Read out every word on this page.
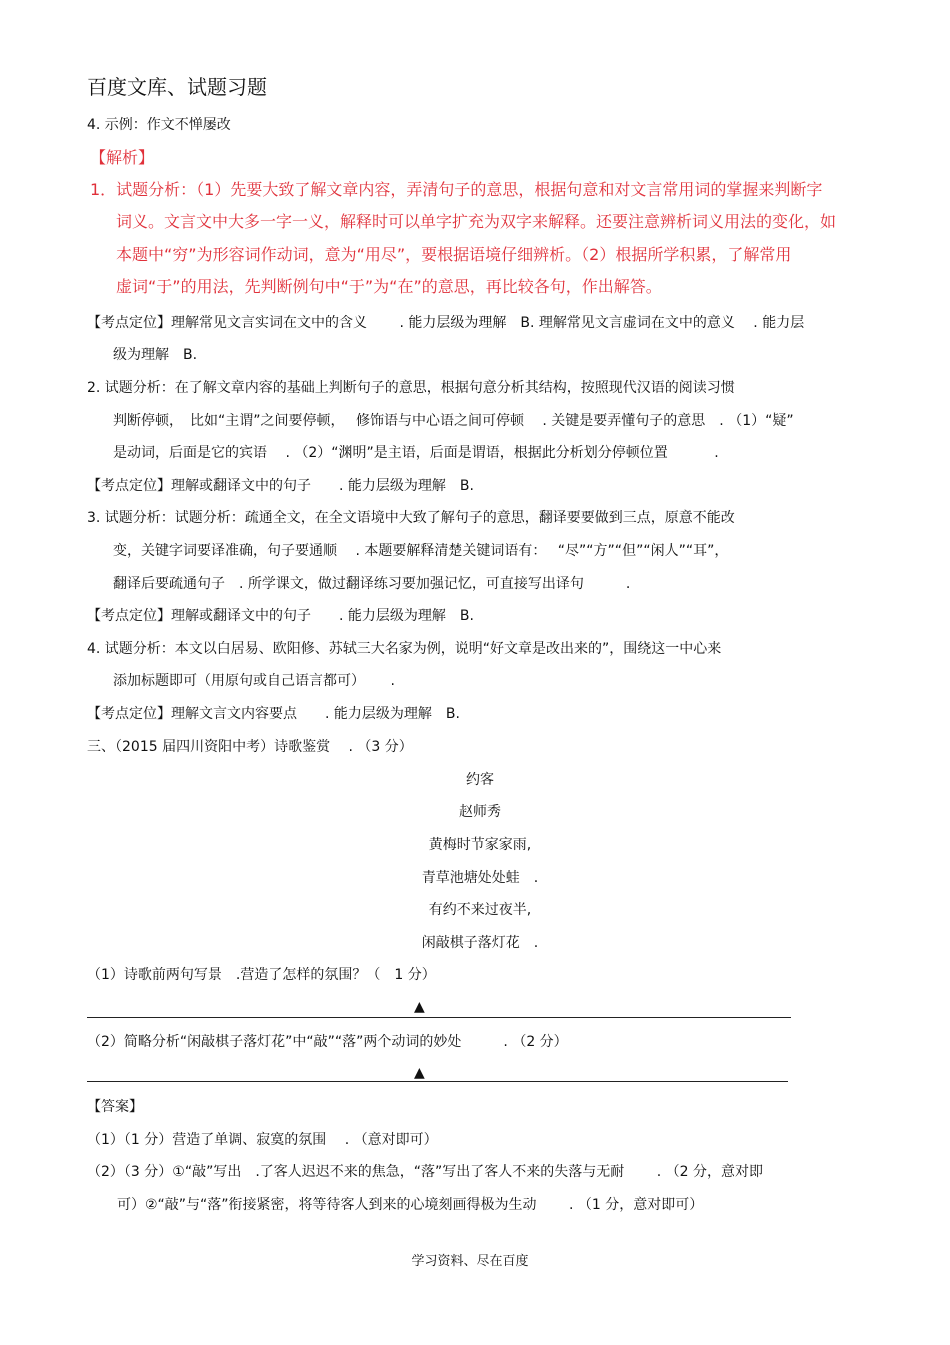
百度文库、试题习题
4. 示例：作文不惮屡改
【解析】
1．试题分析：（1）先要大致了解文章内容，弄清句子的意思，根据句意和对文言常用词的掌握来判断字
词义。文言文中大多一字一义，解释时可以单字扩充为双字来解释。还要注意辨析词义用法的变化，如
本题中“穷”为形容词作动词，意为“用尽”，要根据语境仔细辨析。（2）根据所学积累，了解常用
虚词“于”的用法，先判断例句中“于”为“在”的意思，再比较各句，作出解答。
【考点定位】理解常见文言实词在文中的含义 　　. 能力层级为理解　B. 理解常见文言虚词在文中的意义　 . 能力层
级为理解　B.
2. 试题分析：在了解文章内容的基础上判断句子的意思，根据句意分析其结构，按照现代汉语的阅读习惯
判断停顿，　比如“主谓”之间要停顿，　 修饰语与中心语之间可停顿　 . 关键是要弄懂句子的意思　. （1）“疑”
是动词，后面是它的宾语　 . （2）“渊明”是主语，后面是谓语，根据此分析划分停顿位置　　　 .
【考点定位】理解或翻译文中的句子　　. 能力层级为理解　B.
3. 试题分析：试题分析：疏通全文，在全文语境中大致了解句子的意思，翻译要要做到三点，原意不能改
变，关键字词要译准确，句子要通顺　 . 本题要解释清楚关键词语有：　 “尽”“方”“但”“闲人”“耳”，
翻译后要疏通句子　. 所学课文，做过翻译练习要加强记忆，可直接写出译句　　　.
【考点定位】理解或翻译文中的句子　　. 能力层级为理解　B.
4. 试题分析：本文以白居易、欧阳修、苏轼三大名家为例，说明“好文章是改出来的”，围绕这一中心来
添加标题即可（用原句或自己语言都可）　　 .
【考点定位】理解文言文内容要点　　. 能力层级为理解　B.
三、（2015 届四川资阳中考）诗歌鉴赏　 . （3 分）
约客
赵师秀
黄梅时节家家雨,
青草池塘处处蛙　.
有约不来过夜半,
闲敲棋子落灯花　.
（1）诗歌前两句写景　.营造了怎样的氛围？（　1 分）
▲
（2）简略分析“闲敲棋子落灯花”中“敲”“落”两个动词的妙处　　　. （2 分）
▲
【答案】
（1）（1 分）营造了单调、寂寞的氛围　 . （意对即可）
（2）（3 分）①“敲”写出　.了客人迟迟不来的焦急，“落”写出了客人不来的失落与无耐　　 . （2 分，意对即
可）②“敲”与“落”衔接紧密，将等待客人到来的心境刻画得极为生动　　 . （1 分，意对即可）
学习资料、尽在百度
